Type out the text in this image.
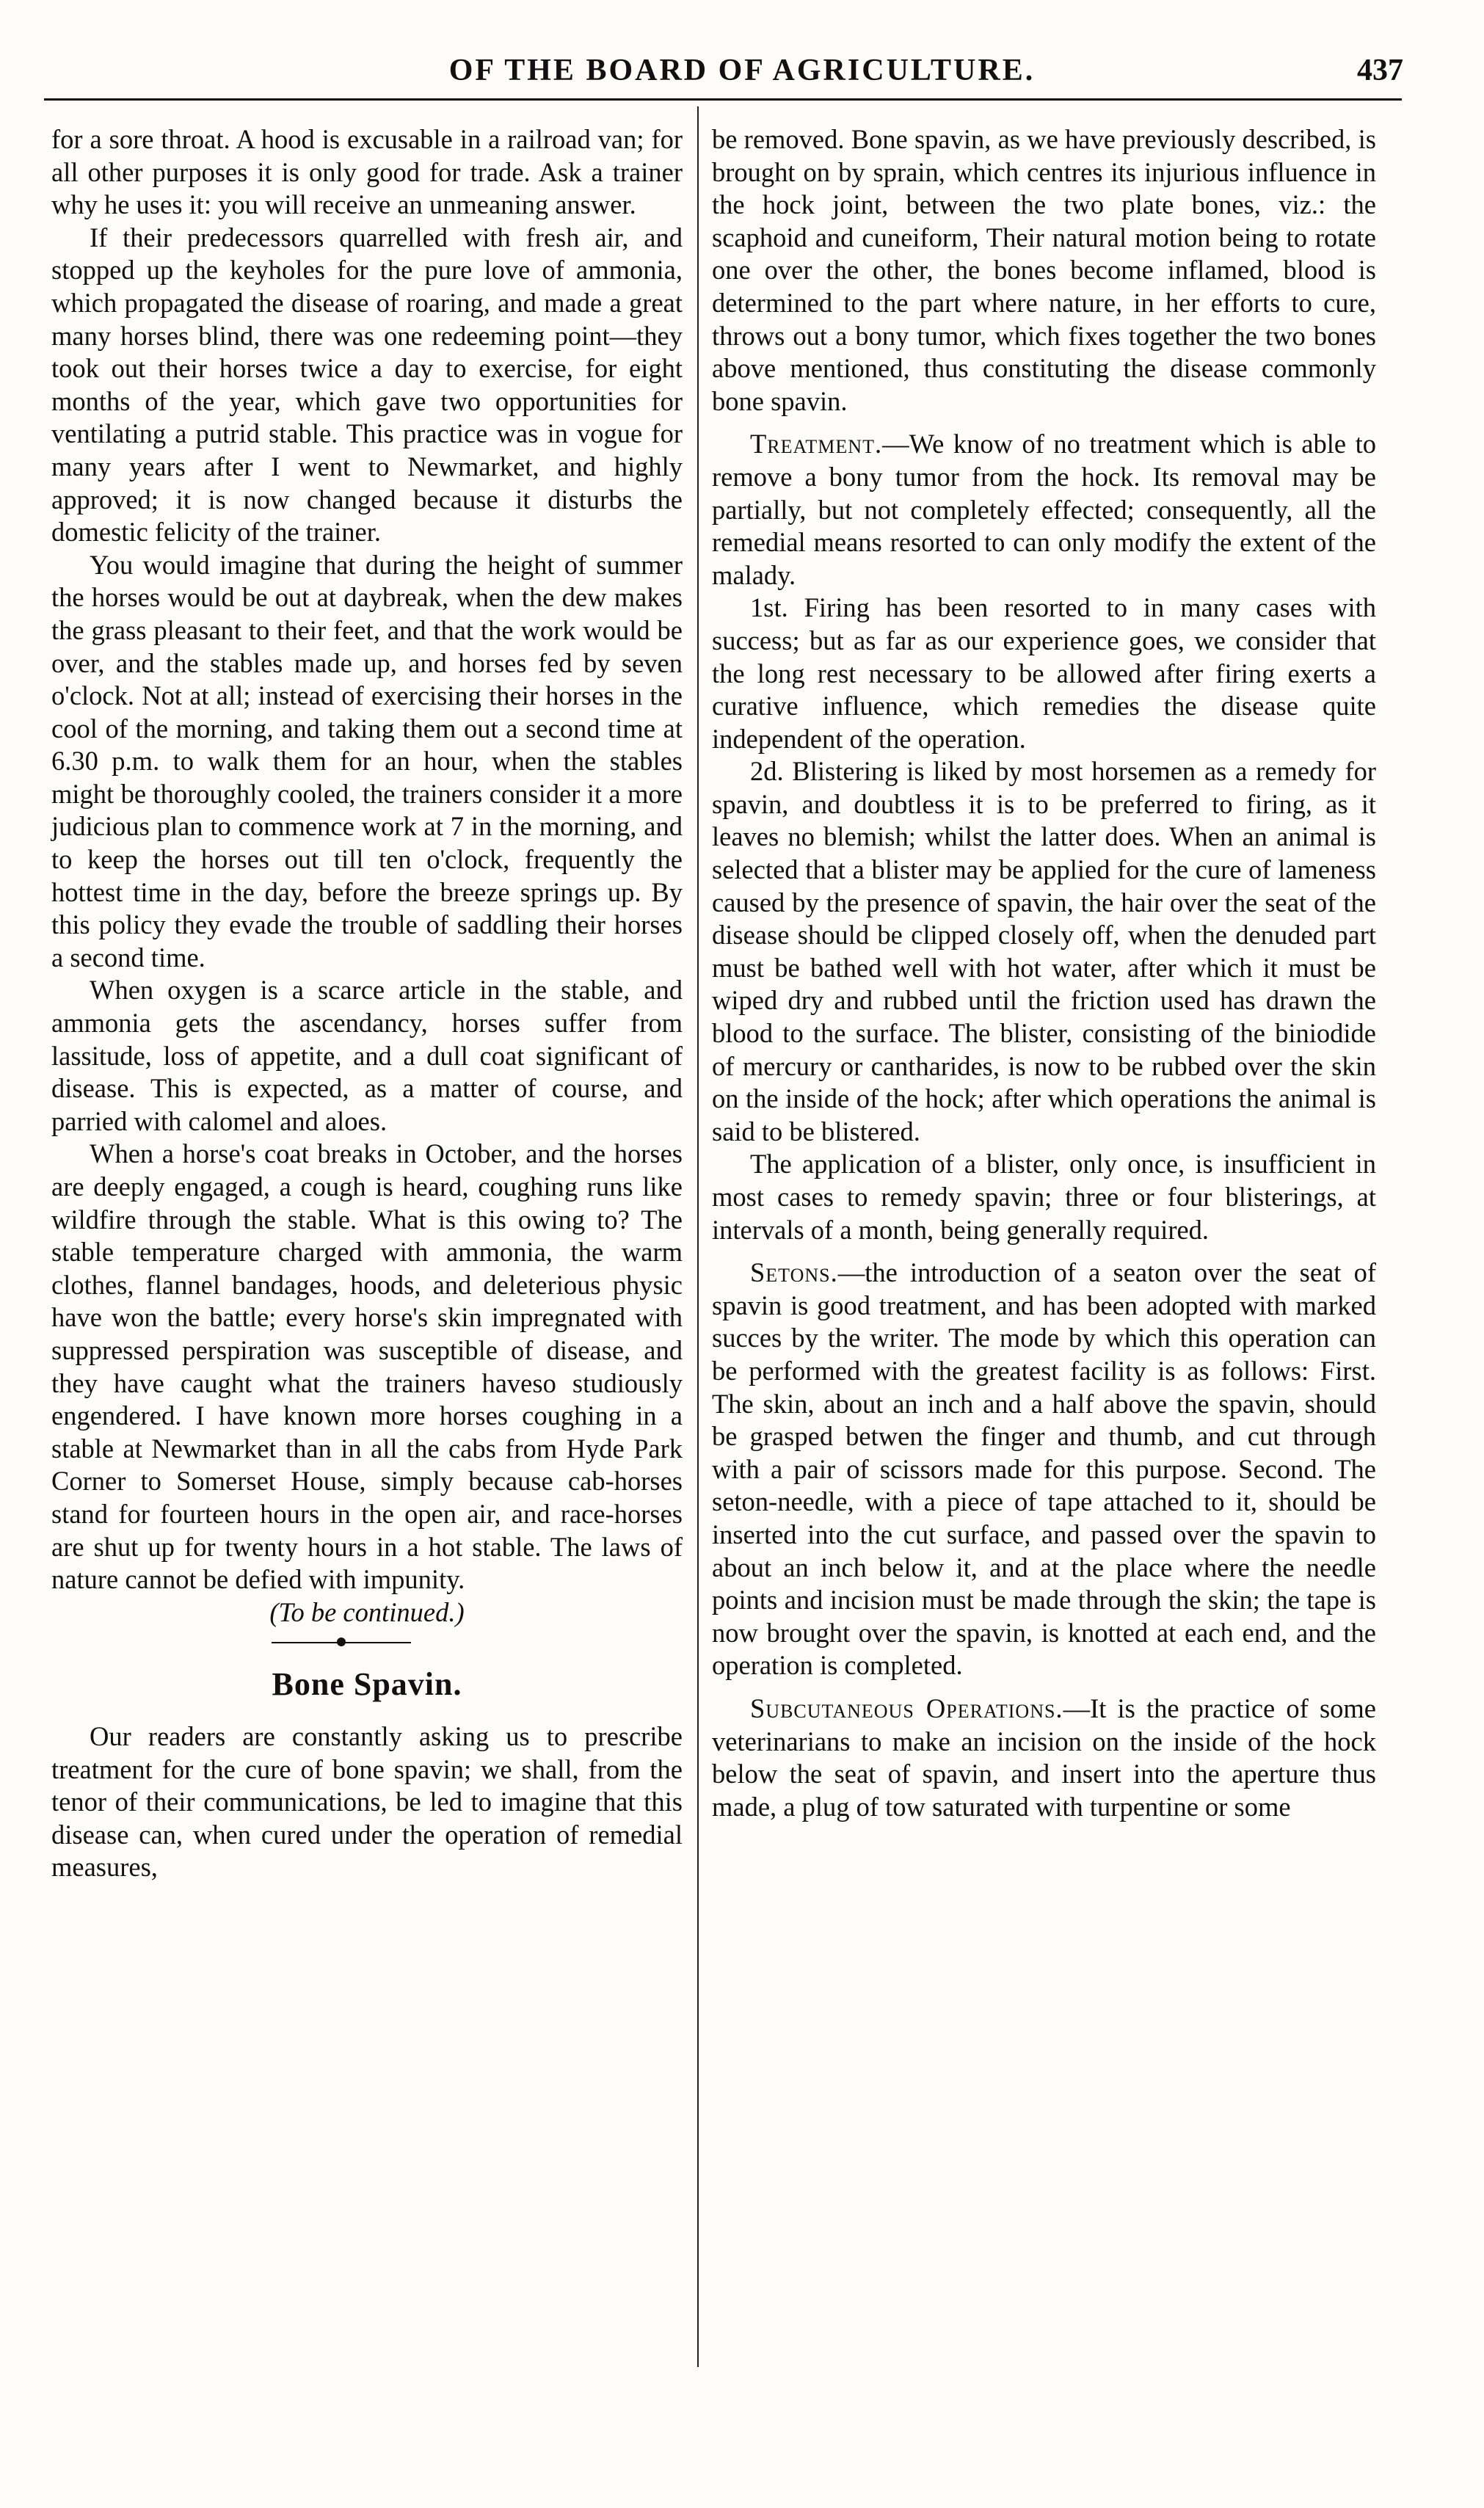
OF THE BOARD OF AGRICULTURE.	437

for a sore throat. A hood is excusable in a railroad van; for all other purposes it is only good for trade. Ask a trainer why he uses it: you will receive an unmeaning answer.

If their predecessors quarrelled with fresh air, and stopped up the keyholes for the pure love of ammonia, which propagated the disease of roaring, and made a great many horses blind, there was one redeeming point—they took out their horses twice a day to exercise, for eight months of the year, which gave two opportunities for ventilating a putrid stable. This practice was in vogue for many years after I went to Newmarket, and highly approved; it is now changed because it disturbs the domestic felicity of the trainer.

You would imagine that during the height of summer the horses would be out at daybreak, when the dew makes the grass pleasant to their feet, and that the work would be over, and the stables made up, and horses fed by seven o'clock. Not at all; instead of exercising their horses in the cool of the morning, and taking them out a second time at 6.30 p.m. to walk them for an hour, when the stables might be thoroughly cooled, the trainers consider it a more judicious plan to commence work at 7 in the morning, and to keep the horses out till ten o'clock, frequently the hottest time in the day, before the breeze springs up. By this policy they evade the trouble of saddling their horses a second time.

When oxygen is a scarce article in the stable, and ammonia gets the ascendancy, horses suffer from lassitude, loss of appetite, and a dull coat significant of disease. This is expected, as a matter of course, and parried with calomel and aloes.

When a horse's coat breaks in October, and the horses are deeply engaged, a cough is heard, coughing runs like wildfire through the stable. What is this owing to? The stable temperature charged with ammonia, the warm clothes, flannel bandages, hoods, and deleterious physic have won the battle; every horse's skin impregnated with suppressed perspiration was susceptible of disease, and they have caught what the trainers haveso studiously engendered. I have known more horses coughing in a stable at Newmarket than in all the cabs from Hyde Park Corner to Somerset House, simply because cab-horses stand for fourteen hours in the open air, and race-horses are shut up for twenty hours in a hot stable. The laws of nature cannot be defied with impunity.

(To be continued.)

Bone Spavin.

Our readers are constantly asking us to prescribe treatment for the cure of bone spavin; we shall, from the tenor of their communications, be led to imagine that this disease can, when cured under the operation of remedial measures,

be removed. Bone spavin, as we have previously described, is brought on by sprain, which centres its injurious influence in the hock joint, between the two plate bones, viz.: the scaphoid and cuneiform, Their natural motion being to rotate one over the other, the bones become inflamed, blood is determined to the part where nature, in her efforts to cure, throws out a bony tumor, which fixes together the two bones above mentioned, thus constituting the disease commonly bone spavin.

Treatment.—We know of no treatment which is able to remove a bony tumor from the hock. Its removal may be partially, but not completely effected; consequently, all the remedial means resorted to can only modify the extent of the malady.

1st. Firing has been resorted to in many cases with success; but as far as our experience goes, we consider that the long rest necessary to be allowed after firing exerts a curative influence, which remedies the disease quite independent of the operation.

2d. Blistering is liked by most horsemen as a remedy for spavin, and doubtless it is to be preferred to firing, as it leaves no blemish; whilst the latter does. When an animal is selected that a blister may be applied for the cure of lameness caused by the presence of spavin, the hair over the seat of the disease should be clipped closely off, when the denuded part must be bathed well with hot water, after which it must be wiped dry and rubbed until the friction used has drawn the blood to the surface. The blister, consisting of the biniodide of mercury or cantharides, is now to be rubbed over the skin on the inside of the hock; after which operations the animal is said to be blistered.

The application of a blister, only once, is insufficient in most cases to remedy spavin; three or four blisterings, at intervals of a month, being generally required.

Setons.—the introduction of a seaton over the seat of spavin is good treatment, and has been adopted with marked succes by the writer. The mode by which this operation can be performed with the greatest facility is as follows: First. The skin, about an inch and a half above the spavin, should be grasped betwen the finger and thumb, and cut through with a pair of scissors made for this purpose. Second. The seton-needle, with a piece of tape attached to it, should be inserted into the cut surface, and passed over the spavin to about an inch below it, and at the place where the needle points and incision must be made through the skin; the tape is now brought over the spavin, is knotted at each end, and the operation is completed.

Subcutaneous Operations.—It is the practice of some veterinarians to make an incision on the inside of the hock below the seat of spavin, and insert into the aperture thus made, a plug of tow saturated with turpentine or some
